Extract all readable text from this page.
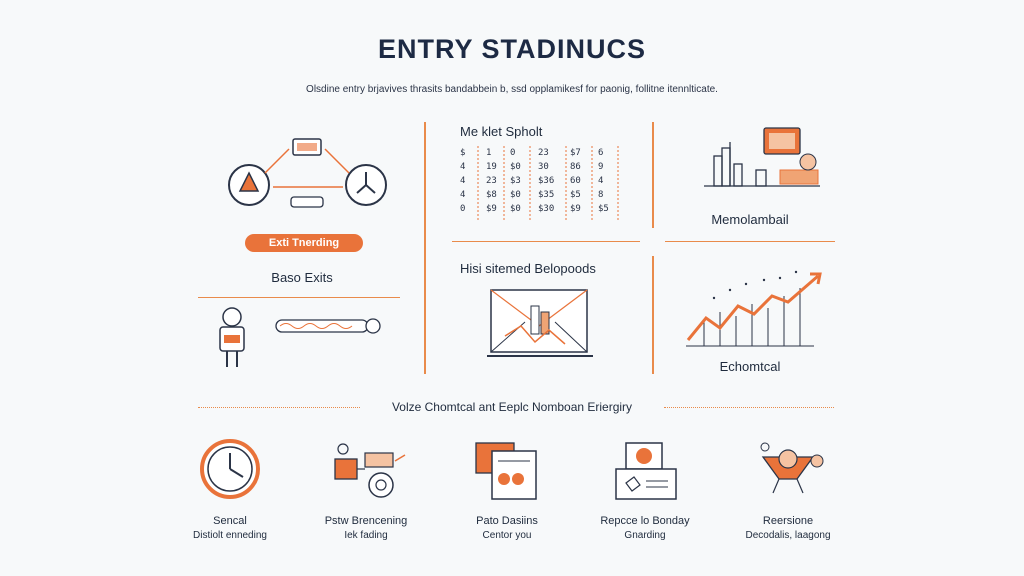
ENTRY STADINUCS
Olsdine entry brjavives thrasits bandabbein b, ssd opplamikesf for paonig, follitne itennlticate.
Exti Tnerding
Baso Exits
Me klet Spholt
$ 1 0	23 $7 6
4 19 $0 30 86 9
4 23 $3 $36 60 4
4 $8 $0 $35 $5 8
0 $9 $0 $30 $9 $5
Memolambail
Hisi sitemed Belopoods
Echomtcal
Volze Chomtcal ant Eeplc Nomboan Eriergiry
Sencal
Distiolt enneding
Pstw Brencening
Iek fading
Pato Dasiins
Centor you
Repcce lo Bonday
Gnarding
Reersione
Decodalis, laagong
